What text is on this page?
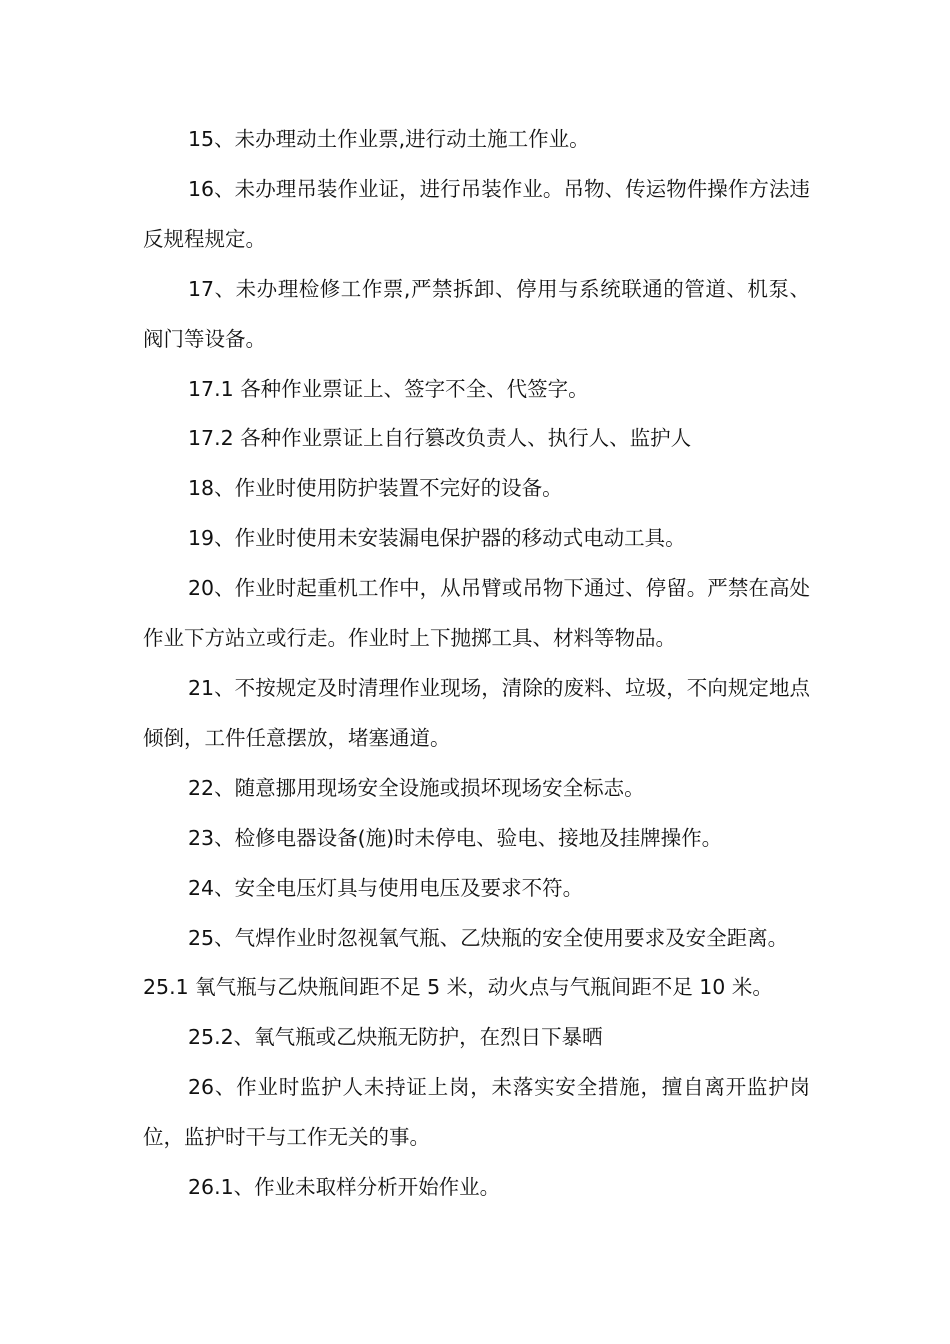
15、未办理动土作业票,进行动土施工作业。

16、未办理吊装作业证，进行吊装作业。吊物、传运物件操作方法违反规程规定。

17、未办理检修工作票,严禁拆卸、停用与系统联通的管道、机泵、阀门等设备。

17.1 各种作业票证上、签字不全、代签字。

17.2 各种作业票证上自行篡改负责人、执行人、监护人

18、作业时使用防护装置不完好的设备。

19、作业时使用未安装漏电保护器的移动式电动工具。

20、作业时起重机工作中，从吊臂或吊物下通过、停留。严禁在高处作业下方站立或行走。作业时上下抛掷工具、材料等物品。

21、不按规定及时清理作业现场，清除的废料、垃圾，不向规定地点倾倒，工件任意摆放，堵塞通道。

22、随意挪用现场安全设施或损坏现场安全标志。

23、检修电器设备(施)时未停电、验电、接地及挂牌操作。

24、安全电压灯具与使用电压及要求不符。

25、气焊作业时忽视氧气瓶、乙炔瓶的安全使用要求及安全距离。

25.1 氧气瓶与乙炔瓶间距不足 5 米，动火点与气瓶间距不足 10 米。

25.2、氧气瓶或乙炔瓶无防护，在烈日下暴晒

26、作业时监护人未持证上岗，未落实安全措施，擅自离开监护岗位，监护时干与工作无关的事。

26.1、作业未取样分析开始作业。
